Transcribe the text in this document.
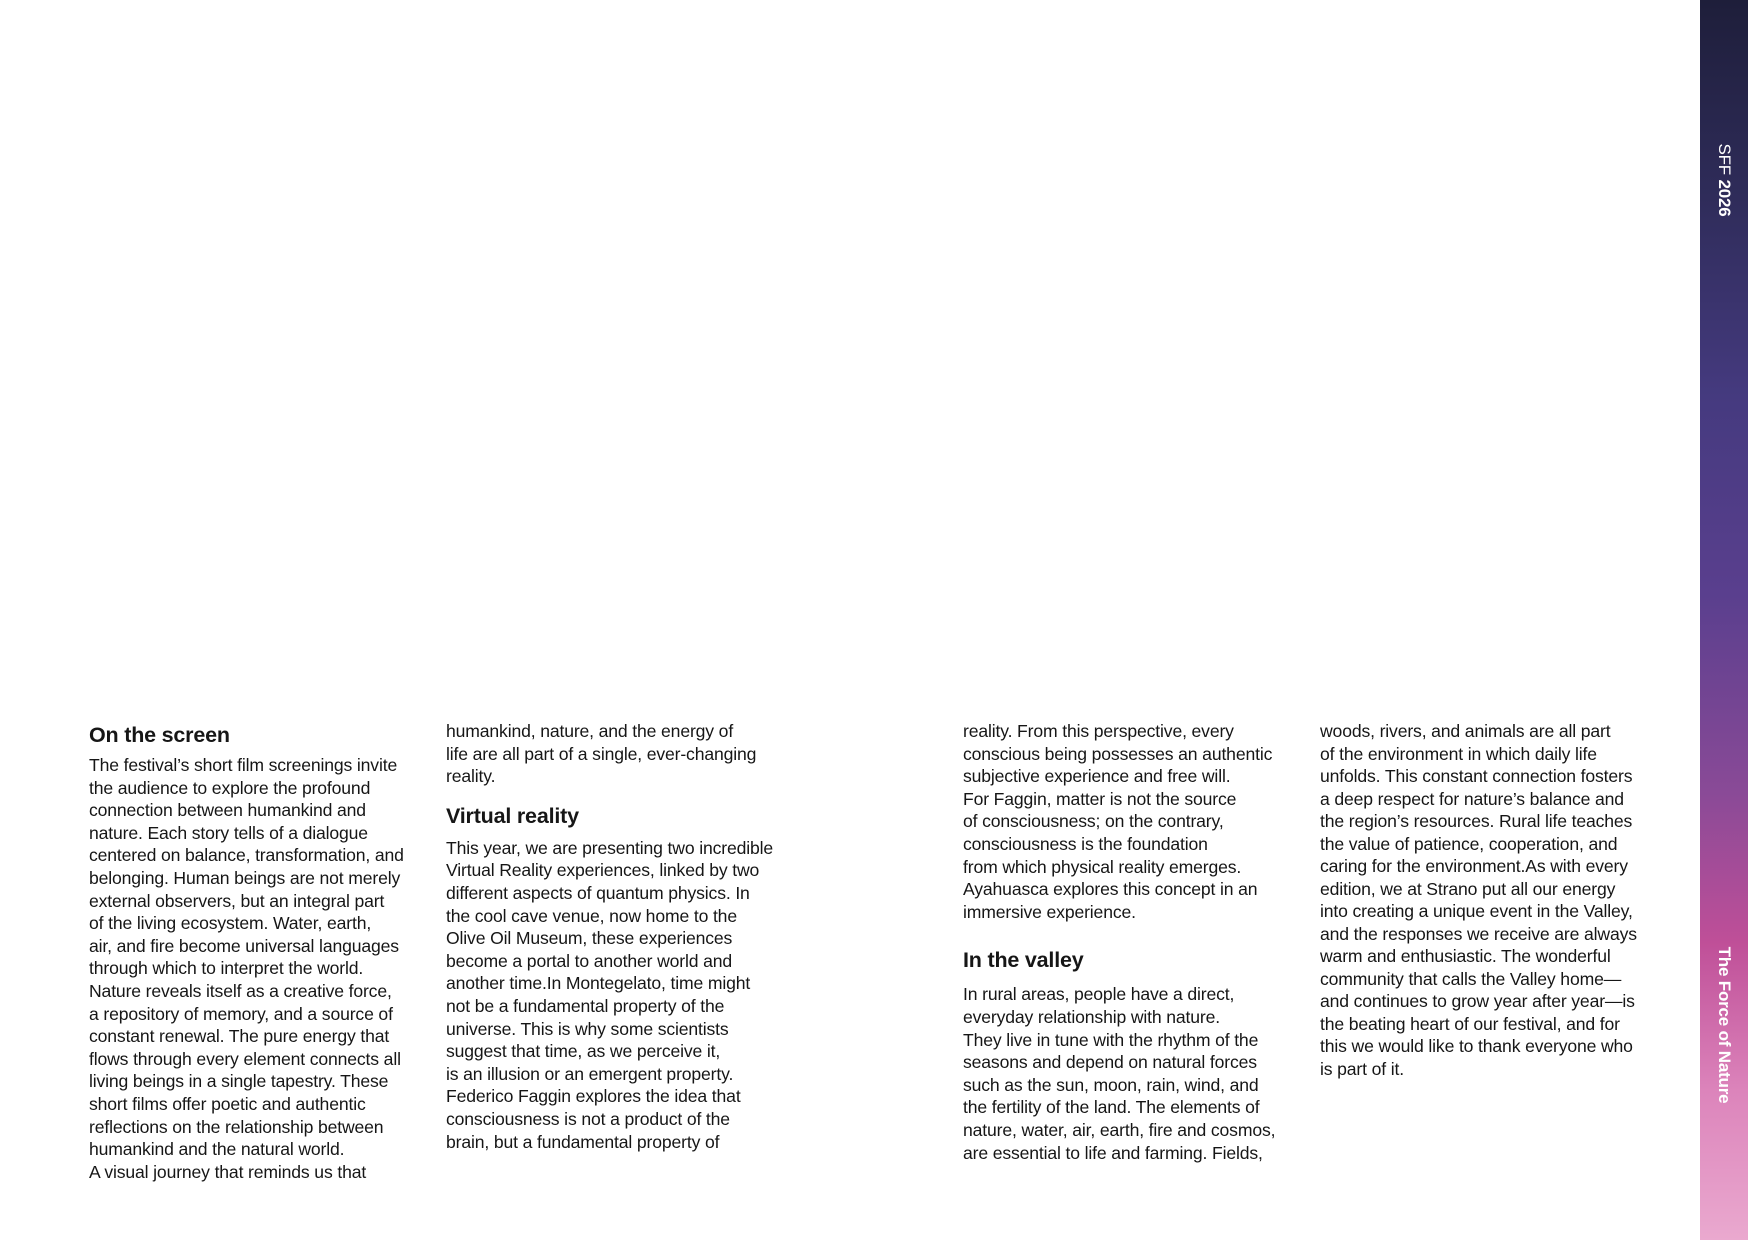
On the screen

The festival’s short film screenings invite

the audience to explore the profound

connection between humankind and

nature. Each story tells of a dialogue

centered on balance, transformation, and

belonging. Human beings are not merely

external observers, but an integral part

of the living ecosystem. Water, earth,

air, and fire become universal languages

through which to interpret the world.

Nature reveals itself as a creative force,

a repository of memory, and a source of

constant renewal. The pure energy that

flows through every element connects all

living beings in a single tapestry. These

short films offer poetic and authentic

reflections on the relationship between

humankind and the natural world.

A visual journey that reminds us that

humankind, nature, and the energy of

life are all part of a single, ever-changing

reality.

Virtual reality

This year, we are presenting two incredible

Virtual Reality experiences, linked by two

different aspects of quantum physics. In

the cool cave venue, now home to the

Olive Oil Museum, these experiences

become a portal to another world and

another time.In Montegelato, time might

not be a fundamental property of the

universe. This is why some scientists

suggest that time, as we perceive it,

is an illusion or an emergent property.

Federico Faggin explores the idea that

consciousness is not a product of the

brain, but a fundamental property of

reality. From this perspective, every

conscious being possesses an authentic

subjective experience and free will.

For Faggin, matter is not the source

of consciousness; on the contrary,

consciousness is the foundation

from which physical reality emerges.

Ayahuasca explores this concept in an

immersive experience.

In the valley

In rural areas, people have a direct,

everyday relationship with nature.

They live in tune with the rhythm of the

seasons and depend on natural forces

such as the sun, moon, rain, wind, and

the fertility of the land. The elements of

nature, water, air, earth, fire and cosmos,

are essential to life and farming. Fields,

woods, rivers, and animals are all part

of the environment in which daily life

unfolds. This constant connection fosters

a deep respect for nature’s balance and

the region’s resources. Rural life teaches

the value of patience, cooperation, and

caring for the environment.As with every

edition, we at Strano put all our energy

into creating a unique event in the Valley,

and the responses we receive are always

warm and enthusiastic. The wonderful

community that calls the Valley home—

and continues to grow year after year—is

the beating heart of our festival, and for

this we would like to thank everyone who

is part of it.

SFF 2026
The Force of Nature
